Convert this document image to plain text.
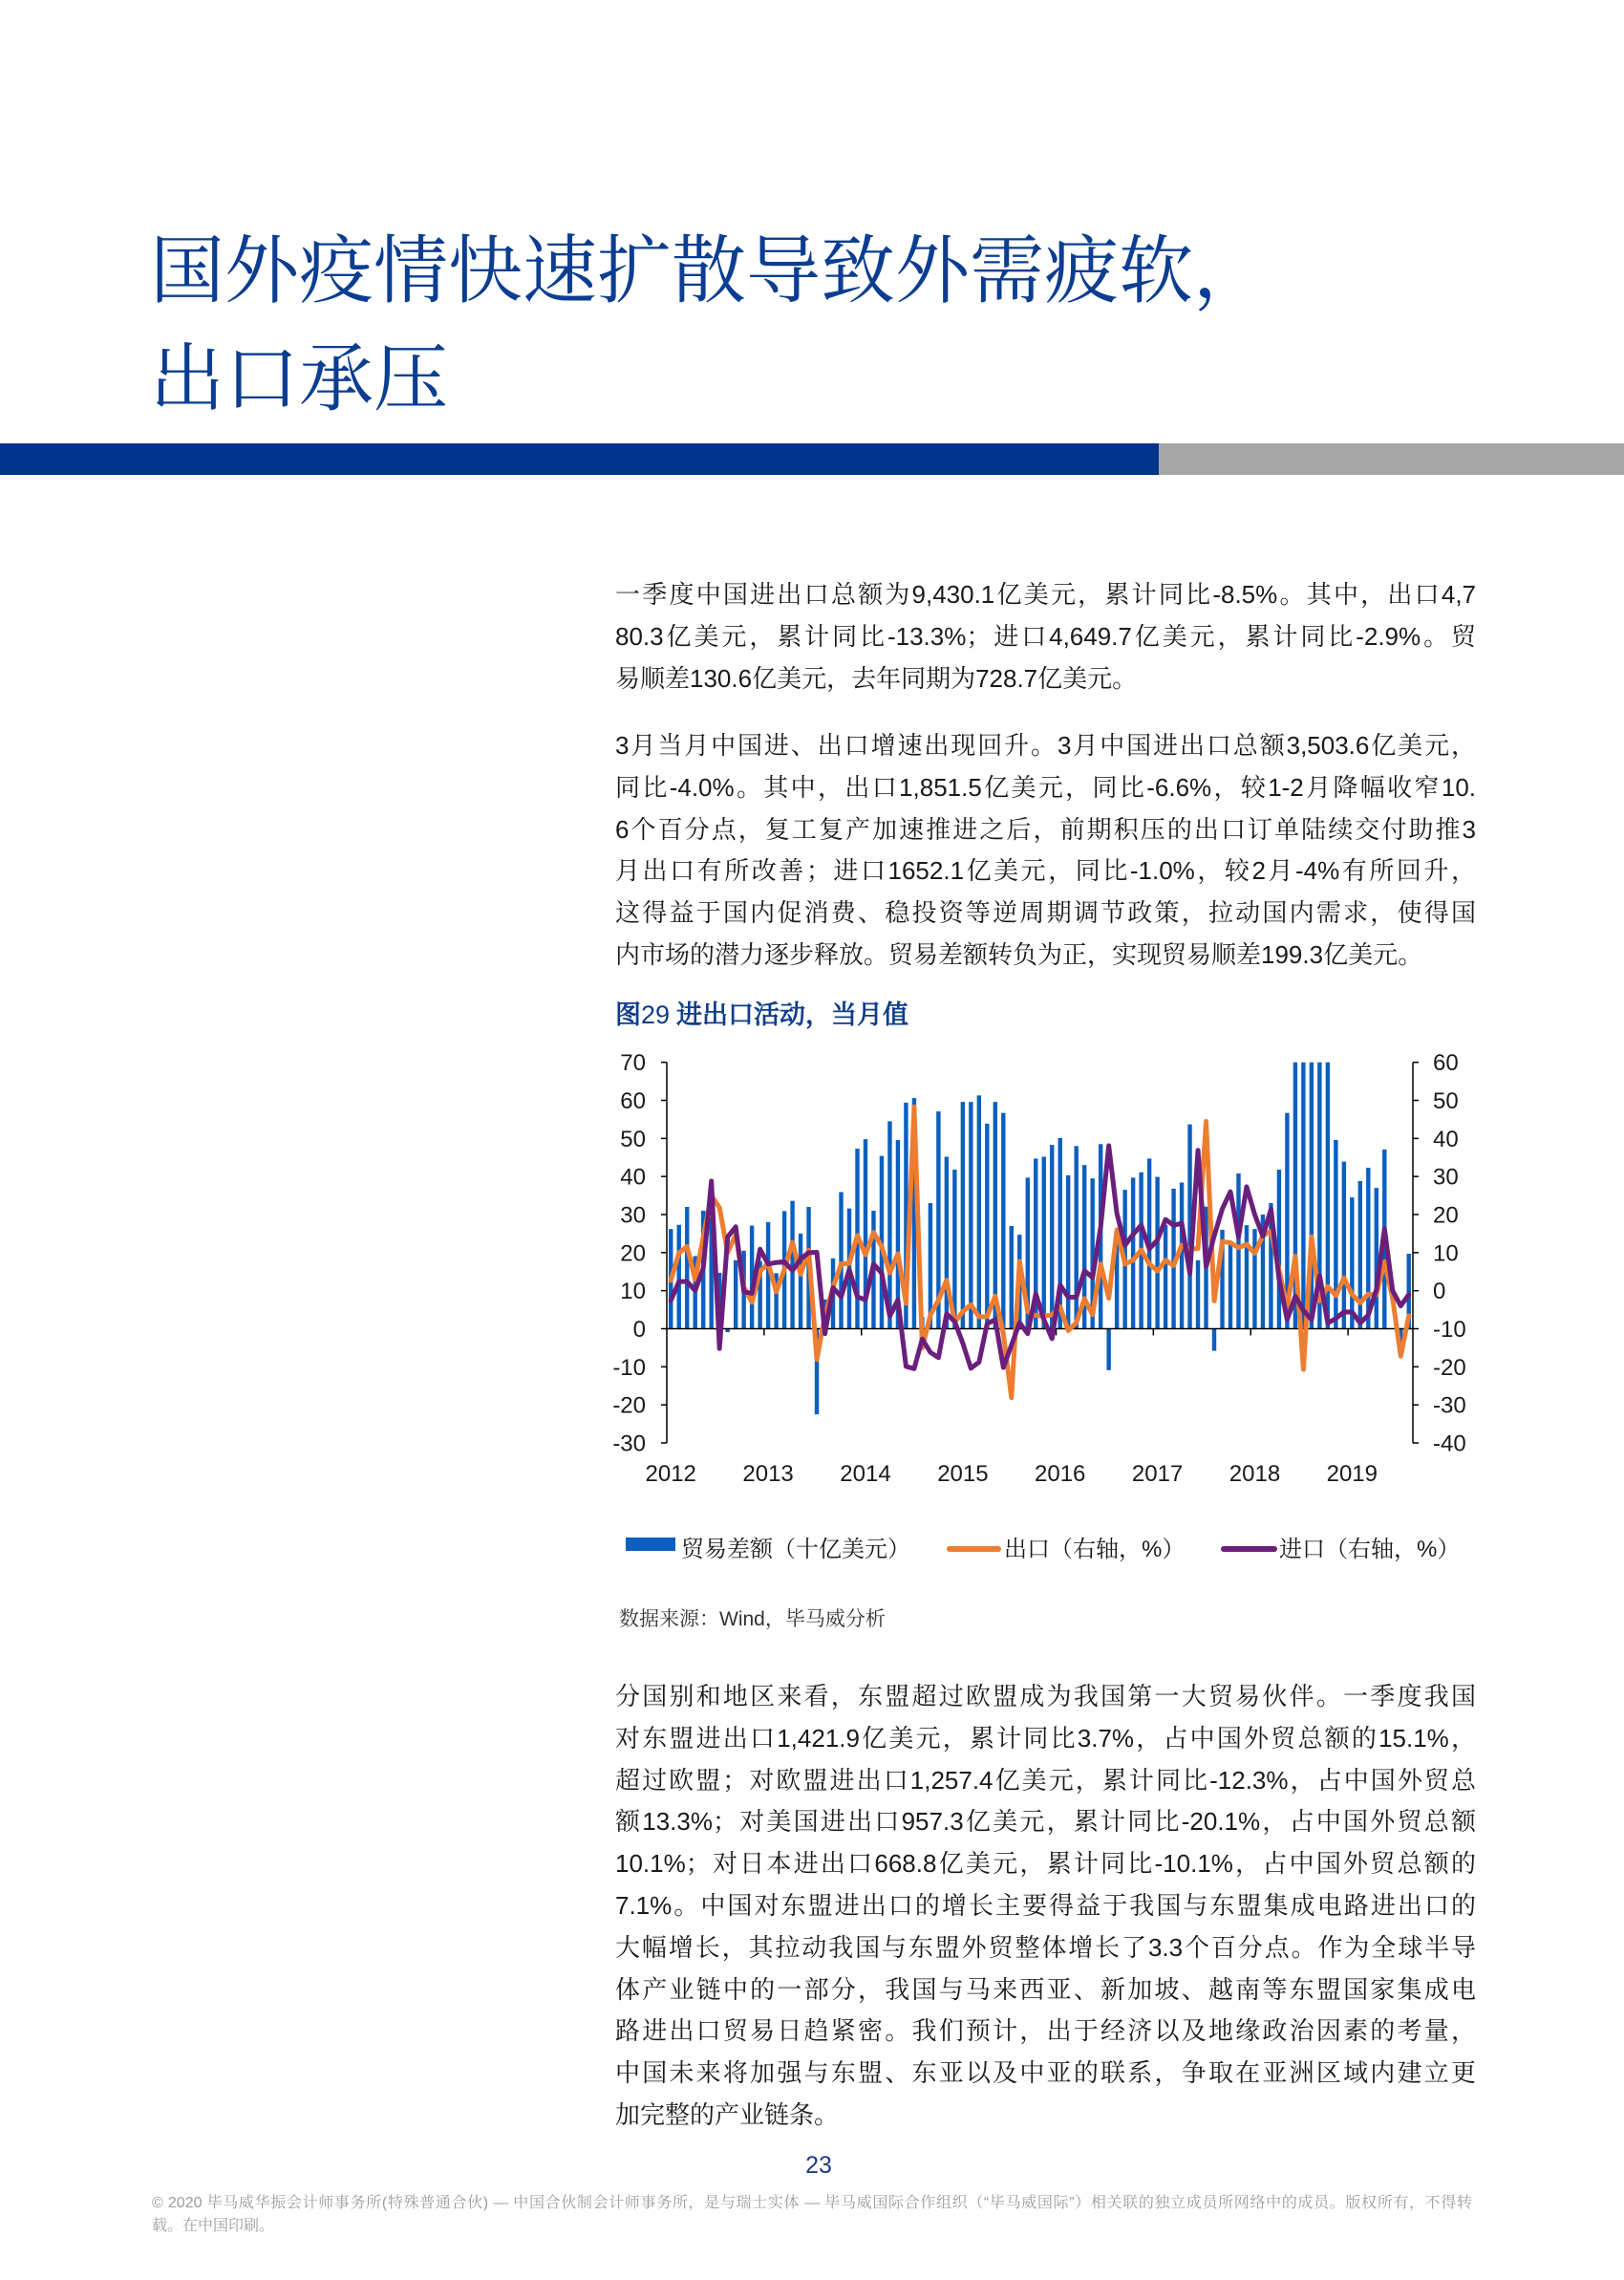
国外疫情快速扩散导致外需疲软，
出口承压
一季度中国进出口总额为9,430.1亿美元，累计同比-8.5%。其中，出口4,7
80.3亿美元，累计同比-13.3%；进口4,649.7亿美元，累计同比-2.9%。贸
易顺差130.6亿美元，去年同期为728.7亿美元。
3月当月中国进、出口增速出现回升。3月中国进出口总额3,503.6亿美元，
同比-4.0%。其中，出口1,851.5亿美元，同比-6.6%，较1-2月降幅收窄10.
6个百分点，复工复产加速推进之后，前期积压的出口订单陆续交付助推3
月出口有所改善；进口1652.1亿美元，同比-1.0%，较2月-4%有所回升，
这得益于国内促消费、稳投资等逆周期调节政策，拉动国内需求，使得国
内市场的潜力逐步释放。贸易差额转负为正，实现贸易顺差199.3亿美元。
图29 进出口活动，当月值
70
60
50
40
30
20
10
0
-10
-20
-30
60
50
40
30
20
10
0
-10
-20
-30
-40
2012 2013 2014 2015 2016 2017 2018 2019
贸易差额（十亿美元）	出口（右轴，%）	进口（右轴，%）
数据来源：Wind，毕马威分析
分国别和地区来看，东盟超过欧盟成为我国第一大贸易伙伴。一季度我国
对东盟进出口1,421.9亿美元，累计同比3.7%，占中国外贸总额的15.1%，
超过欧盟；对欧盟进出口1,257.4亿美元，累计同比-12.3%，占中国外贸总
额13.3%；对美国进出口957.3亿美元，累计同比-20.1%，占中国外贸总额
10.1%；对日本进出口668.8亿美元，累计同比-10.1%，占中国外贸总额的
7.1%。中国对东盟进出口的增长主要得益于我国与东盟集成电路进出口的
大幅增长，其拉动我国与东盟外贸整体增长了3.3个百分点。作为全球半导
体产业链中的一部分，我国与马来西亚、新加坡、越南等东盟国家集成电
路进出口贸易日趋紧密。我们预计，出于经济以及地缘政治因素的考量，
中国未来将加强与东盟、东亚以及中亚的联系，争取在亚洲区域内建立更
加完整的产业链条。
23
© 2020 毕马威华振会计师事务所(特殊普通合伙) — 中国合伙制会计师事务所，是与瑞士实体 — 毕马威国际合作组织（“毕马威国际”）相关联的独立成员所网络中的成员。版权所有，不得转
载。在中国印刷。
